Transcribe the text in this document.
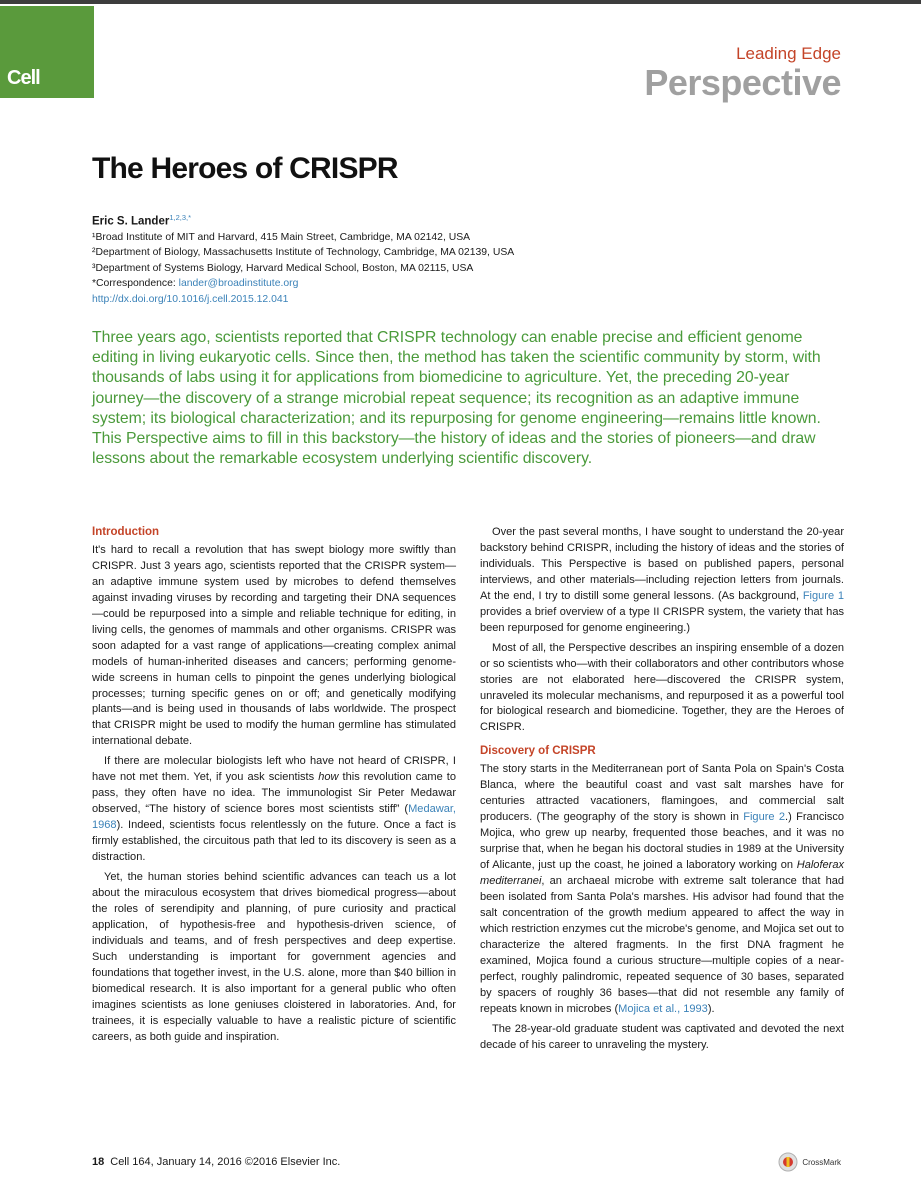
Cell
Leading Edge
Perspective
The Heroes of CRISPR
Eric S. Lander$^{1,2,3,*}$
¹Broad Institute of MIT and Harvard, 415 Main Street, Cambridge, MA 02142, USA
²Department of Biology, Massachusetts Institute of Technology, Cambridge, MA 02139, USA
³Department of Systems Biology, Harvard Medical School, Boston, MA 02115, USA
*Correspondence: lander@broadinstitute.org
http://dx.doi.org/10.1016/j.cell.2015.12.041

Three years ago, scientists reported that CRISPR technology can enable precise and efficient genome editing in living eukaryotic cells. Since then, the method has taken the scientific community by storm, with thousands of labs using it for applications from biomedicine to agriculture. Yet, the preceding 20-year journey—the discovery of a strange microbial repeat sequence; its recognition as an adaptive immune system; its biological characterization; and its repurposing for genome engineering—remains little known. This Perspective aims to fill in this backstory—the history of ideas and the stories of pioneers—and draw lessons about the remarkable ecosystem underlying scientific discovery.

Introduction

It's hard to recall a revolution that has swept biology more swiftly than CRISPR. Just 3 years ago, scientists reported that the CRISPR system—an adaptive immune system used by microbes to defend themselves against invading viruses by recording and targeting their DNA sequences—could be repurposed into a simple and reliable technique for editing, in living cells, the genomes of mammals and other organisms. CRISPR was soon adapted for a vast range of applications—creating complex animal models of human-inherited diseases and cancers; performing genome-wide screens in human cells to pinpoint the genes underlying biological processes; turning specific genes on or off; and genetically modifying plants—and is being used in thousands of labs worldwide. The prospect that CRISPR might be used to modify the human germline has stimulated international debate.

If there are molecular biologists left who have not heard of CRISPR, I have not met them. Yet, if you ask scientists how this revolution came to pass, they often have no idea. The immunologist Sir Peter Medawar observed, “The history of science bores most scientists stiff” (Medawar, 1968). Indeed, scientists focus relentlessly on the future. Once a fact is firmly established, the circuitous path that led to its discovery is seen as a distraction.

Yet, the human stories behind scientific advances can teach us a lot about the miraculous ecosystem that drives biomedical progress—about the roles of serendipity and planning, of pure curiosity and practical application, of hypothesis-free and hypothesis-driven science, of individuals and teams, and of fresh perspectives and deep expertise. Such understanding is important for government agencies and foundations that together invest, in the U.S. alone, more than $40 billion in biomedical research. It is also important for a general public who often imagines scientists as lone geniuses cloistered in laboratories. And, for trainees, it is especially valuable to have a realistic picture of scientific careers, as both guide and inspiration.

Over the past several months, I have sought to understand the 20-year backstory behind CRISPR, including the history of ideas and the stories of individuals. This Perspective is based on published papers, personal interviews, and other materials—including rejection letters from journals. At the end, I try to distill some general lessons. (As background, Figure 1 provides a brief overview of a type II CRISPR system, the variety that has been repurposed for genome engineering.)

Most of all, the Perspective describes an inspiring ensemble of a dozen or so scientists who—with their collaborators and other contributors whose stories are not elaborated here—discovered the CRISPR system, unraveled its molecular mechanisms, and repurposed it as a powerful tool for biological research and biomedicine. Together, they are the Heroes of CRISPR.

Discovery of CRISPR

The story starts in the Mediterranean port of Santa Pola on Spain's Costa Blanca, where the beautiful coast and vast salt marshes have for centuries attracted vacationers, flamingoes, and commercial salt producers. (The geography of the story is shown in Figure 2.) Francisco Mojica, who grew up nearby, frequented those beaches, and it was no surprise that, when he began his doctoral studies in 1989 at the University of Alicante, just up the coast, he joined a laboratory working on Haloferax mediterranei, an archaeal microbe with extreme salt tolerance that had been isolated from Santa Pola's marshes. His advisor had found that the salt concentration of the growth medium appeared to affect the way in which restriction enzymes cut the microbe's genome, and Mojica set out to characterize the altered fragments. In the first DNA fragment he examined, Mojica found a curious structure—multiple copies of a near-perfect, roughly palindromic, repeated sequence of 30 bases, separated by spacers of roughly 36 bases—that did not resemble any family of repeats known in microbes (Mojica et al., 1993).

The 28-year-old graduate student was captivated and devoted the next decade of his career to unraveling the mystery.

18 Cell 164, January 14, 2016 ©2016 Elsevier Inc.	CrossMark
